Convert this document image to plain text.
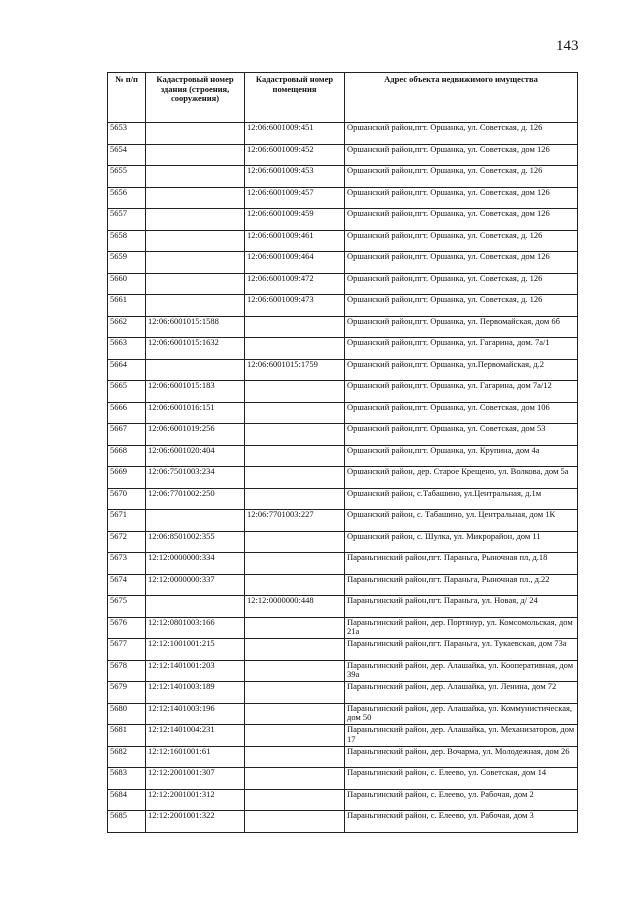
143
№ п/п	Кадастровый номер здания (строения, сооружения)	Кадастровый номер помещения	Адрес объекта недвижимого имущества
5653		12:06:6001009:451	Оршанский район,пгт. Оршанка, ул. Советская, д. 126
5654		12:06:6001009:452	Оршанский район,пгт. Оршанка, ул. Советская, дом 126
5655		12:06:6001009:453	Оршанский район,пгт. Оршанка, ул. Советская, д. 126
5656		12:06:6001009:457	Оршанский район,пгт. Оршанка, ул. Советская, дом 126
5657		12:06:6001009:459	Оршанский район,пгт. Оршанка, ул. Советская, дом 126
5658		12:06:6001009:461	Оршанский район,пгт. Оршанка, ул. Советская, д. 126
5659		12:06:6001009:464	Оршанский район,пгт. Оршанка, ул. Советская, дом 126
5660		12:06:6001009:472	Оршанский район,пгт. Оршанка, ул. Советская, д. 126
5661		12:06:6001009:473	Оршанский район,пгт. Оршанка, ул. Советская, д. 126
5662	12:06:6001015:1588		Оршанский район,пгт. Оршанка, ул. Первомайская, дом 6б
5663	12:06:6001015:1632		Оршанский район,пгт. Оршанка, ул. Гагарина, дом. 7а/1
5664		12:06:6001015:1759	Оршанский район,пгт. Оршанка, ул.Первомайская, д.2
5665	12:06:6001015:183		Оршанский район,пгт. Оршанка, ул. Гагарина, дом 7а/12
5666	12:06:6001016:151		Оршанский район,пгт. Оршанка, ул. Советская, дом 106
5667	12:06:6001019:256		Оршанский район,пгт. Оршанка, ул. Советская, дом 53
5668	12:06:6001020:404		Оршанский район,пгт. Оршанка, ул. Крупина, дом 4а
5669	12:06:7501003:234		Оршанский район, дер. Старое Крещено, ул. Волкова, дом 5а
5670	12:06:7701002:250		Оршанский район, с.Табашино, ул.Центральная, д.1м
5671		12:06:7701003:227	Оршанский район, с. Табашино, ул. Центральная, дом 1К
5672	12:06:8501002:355		Оршанский район, с. Шулка, ул. Микрорайон, дом 11
5673	12:12:0000000:334		Параньгинский район,пгт. Параньга, Рыночная пл, д.18
5674	12:12:0000000:337		Параньгинский район,пгт. Параньга, Рыночная пл., д.22
5675		12:12:0000000:448	Параньгинский район,пгт. Параньга, ул. Новая, д/ 24
5676	12:12:0801003:166		Параньгинский район, дер. Портянур, ул. Комсомольская, дом 21а
5677	12:12:1001001:215		Параньгинский район,пгт. Параньга, ул. Тукаевская, дом 73а
5678	12:12:1401001:203		Параньгинский район, дер. Алашайка, ул. Кооперативная, дом 39а
5679	12:12:1401003:189		Параньгинский район, дер. Алашайка, ул. Ленина, дом 72
5680	12:12:1401003:196		Параньгинский район, дер. Алашайка, ул. Коммунистическая, дом 50
5681	12:12:1401004:231		Параньгинский район, дер. Алашайка, ул. Механизаторов, дом 17
5682	12:12:1601001:61		Параньгинский район, дер. Вочарма, ул. Молодежная, дом 26
5683	12:12:2001001:307		Параньгинский район, с. Елеево, ул. Советская, дом 14
5684	12:12:2001001:312		Параньгинский район, с. Елеево, ул. Рабочая, дом 2
5685	12:12:2001001:322		Параньгинский район, с. Елеево, ул. Рабочая, дом 3
